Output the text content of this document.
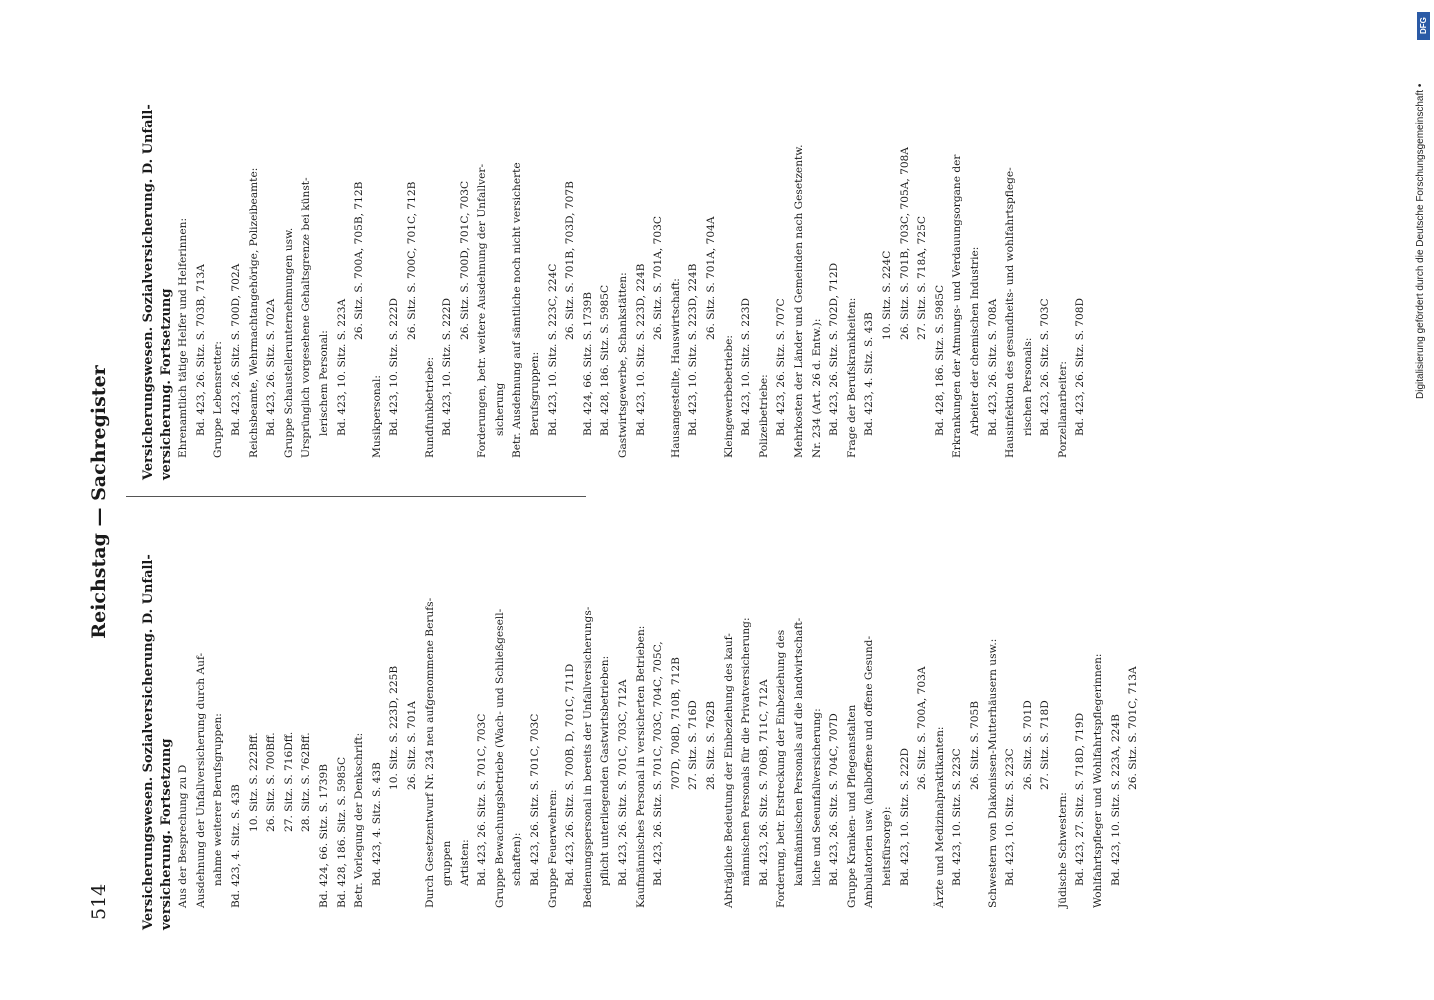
514
Reichstag — Sachregister
Versicherungswesen. Sozialversicherung. D. Unfall- versicherung. Fortsetzung Aus der Besprechung zu D Ausdehnung der Unfallversicherung durch Auf- nahme weiterer Berufsgruppen: Bd. 423, 4. Sitz. S. 43B
10. Sitz. S. 222Bff. 26. Sitz. S. 700Bff. 27. Sitz. S. 716Dff. 28. Sitz. S. 762Bff. Bd. 424, 66. Sitz. S. 1739B Bd. 428, 186. Sitz. S. 5985C Betr. Vorlegung der Denkschrift: Bd. 423, 4. Sitz. S. 43B
10. Sitz. S. 223D, 225B 26. Sitz. S. 701A Durch Gesetzentwurf Nr. 234 neu aufgenommene Berufs- gruppen Artisten: Bd. 423, 26. Sitz. S. 701C, 703C Gruppe Bewachungsbetriebe (Wach- und Schließgesell- schaften): Bd. 423, 26. Sitz. S. 701C, 703C Gruppe Feuerwehren: Bd. 423, 26. Sitz. S. 700B, D, 701C, 711D Bedienungspersonal in bereits der Unfallversicherungs- pflicht unterliegenden Gastwirtsbetrieben: Bd. 423, 26. Sitz. S. 701C, 703C, 712A Kaufmännisches Personal in versicherten Betrieben: Bd. 423, 26. Sitz. S. 701C, 703C, 704C, 705C, 707D, 708D, 710B, 712B 27. Sitz. S. 716D 28. Sitz. S. 762B Abträgliche Bedeutung der Einbeziehung des kauf- männischen Personals für die Privatversicherung: Bd. 423, 26. Sitz. S. 706B, 711C, 712A Forderung, betr. Erstreckung der Einbeziehung des kaufmännischen Personals auf die landwirtschaft- liche und Seeunfallversicherung: Bd. 423, 26. Sitz. S. 704C, 707D Gruppe Kranken- und Pflegeanstalten Ambulatorien usw. (halboffene und offene Gesund- heitsfürsorge): Bd. 423, 10. Sitz. S. 222D
26. Sitz. S. 700A, 703A Ärzte und Medizinalpraktikanten: Bd. 423, 10. Sitz. S. 223C
26. Sitz. S. 705B Schwestern von Diakonissen-Mutterhäusern usw.: Bd. 423, 10. Sitz. S. 223C
26. Sitz. S. 701D 27. Sitz. S. 718D
Jüdische Schwestern: Bd. 423, 27. Sitz. S. 718D, 719D Wohlfahrtspfleger und Wohlfahrtspflegerinnen: Bd. 423, 10. Sitz. S. 223A, 224B 26. Sitz. S. 701C, 713A
Versicherungswesen. Sozialversicherung. D. Unfall- versicherung. Fortsetzung Ehrenamtlich tätige Helfer und Helferinnen: Bd. 423, 26. Sitz. S. 703B, 713A Gruppe Lebensretter: Bd. 423, 26. Sitz. S. 700D, 702A Reichsbeamte, Wehrmachtangehörige, Polizeibeamte: Bd. 423, 26. Sitz. S. 702A Gruppe Schaustellerunternehmungen usw. Ursprünglich vorgesehene Gehaltsgrenze bei künst- lerischem Personal: Bd. 423, 10. Sitz. S. 223A
26. Sitz. S. 700A, 705B, 712B
Musikpersonal: Bd. 423, 10. Sitz. S. 222D
26. Sitz. S. 700C, 701C, 712B
Rundfunkbetriebe: Bd. 423, 10. Sitz. S. 222D
26. Sitz. S. 700D, 701C, 703C Forderungen, betr. weitere Ausdehnung der Unfallver- sicherung Betr. Ausdehnung auf sämtliche noch nicht versicherte Berufsgruppen: Bd. 423, 10. Sitz. S. 223C, 224C
26. Sitz. S. 701B, 703D, 707B
Bd. 424, 66. Sitz. S. 1739B Bd. 428, 186. Sitz. S. 5985C Gastwirtsgewerbe, Schankstätten: Bd. 423, 10. Sitz. S. 223D, 224B 26. Sitz. S. 701A, 703C
Hausangestellte, Hauswirtschaft: Bd. 423, 10. Sitz. S. 223D, 224B 26. Sitz. S. 701A, 704A
Kleingewerbebetriebe: Bd. 423, 10. Sitz. S. 223D Polizeibetriebe: Bd. 423, 26. Sitz. S. 707C Mehrkosten der Länder und Gemeinden nach Gesetzentw. Nr. 234 (Art. 26 d. Entw.): Bd. 423, 26. Sitz. S. 702D, 712D Frage der Berufskrankheiten: Bd. 423, 4. Sitz. S. 43B
10. Sitz. S. 224C 26. Sitz. S. 701B, 703C, 705A, 708A 27. Sitz. S. 718A, 725C
Bd. 428, 186. Sitz. S. 5985C Erkrankungen der Atmungs- und Verdauungsorgane der Arbeiter der chemischen Industrie: Bd. 423, 26. Sitz. S. 708A Hausinfektion des gesundheits- und wohlfahrtspflege- rischen Personals: Bd. 423, 26. Sitz. S. 703C Porzellanarbeiter: Bd. 423, 26. Sitz. S. 708D
DFG
Digitalisierung gefördert durch die Deutsche Forschungsgemeinschaft •
